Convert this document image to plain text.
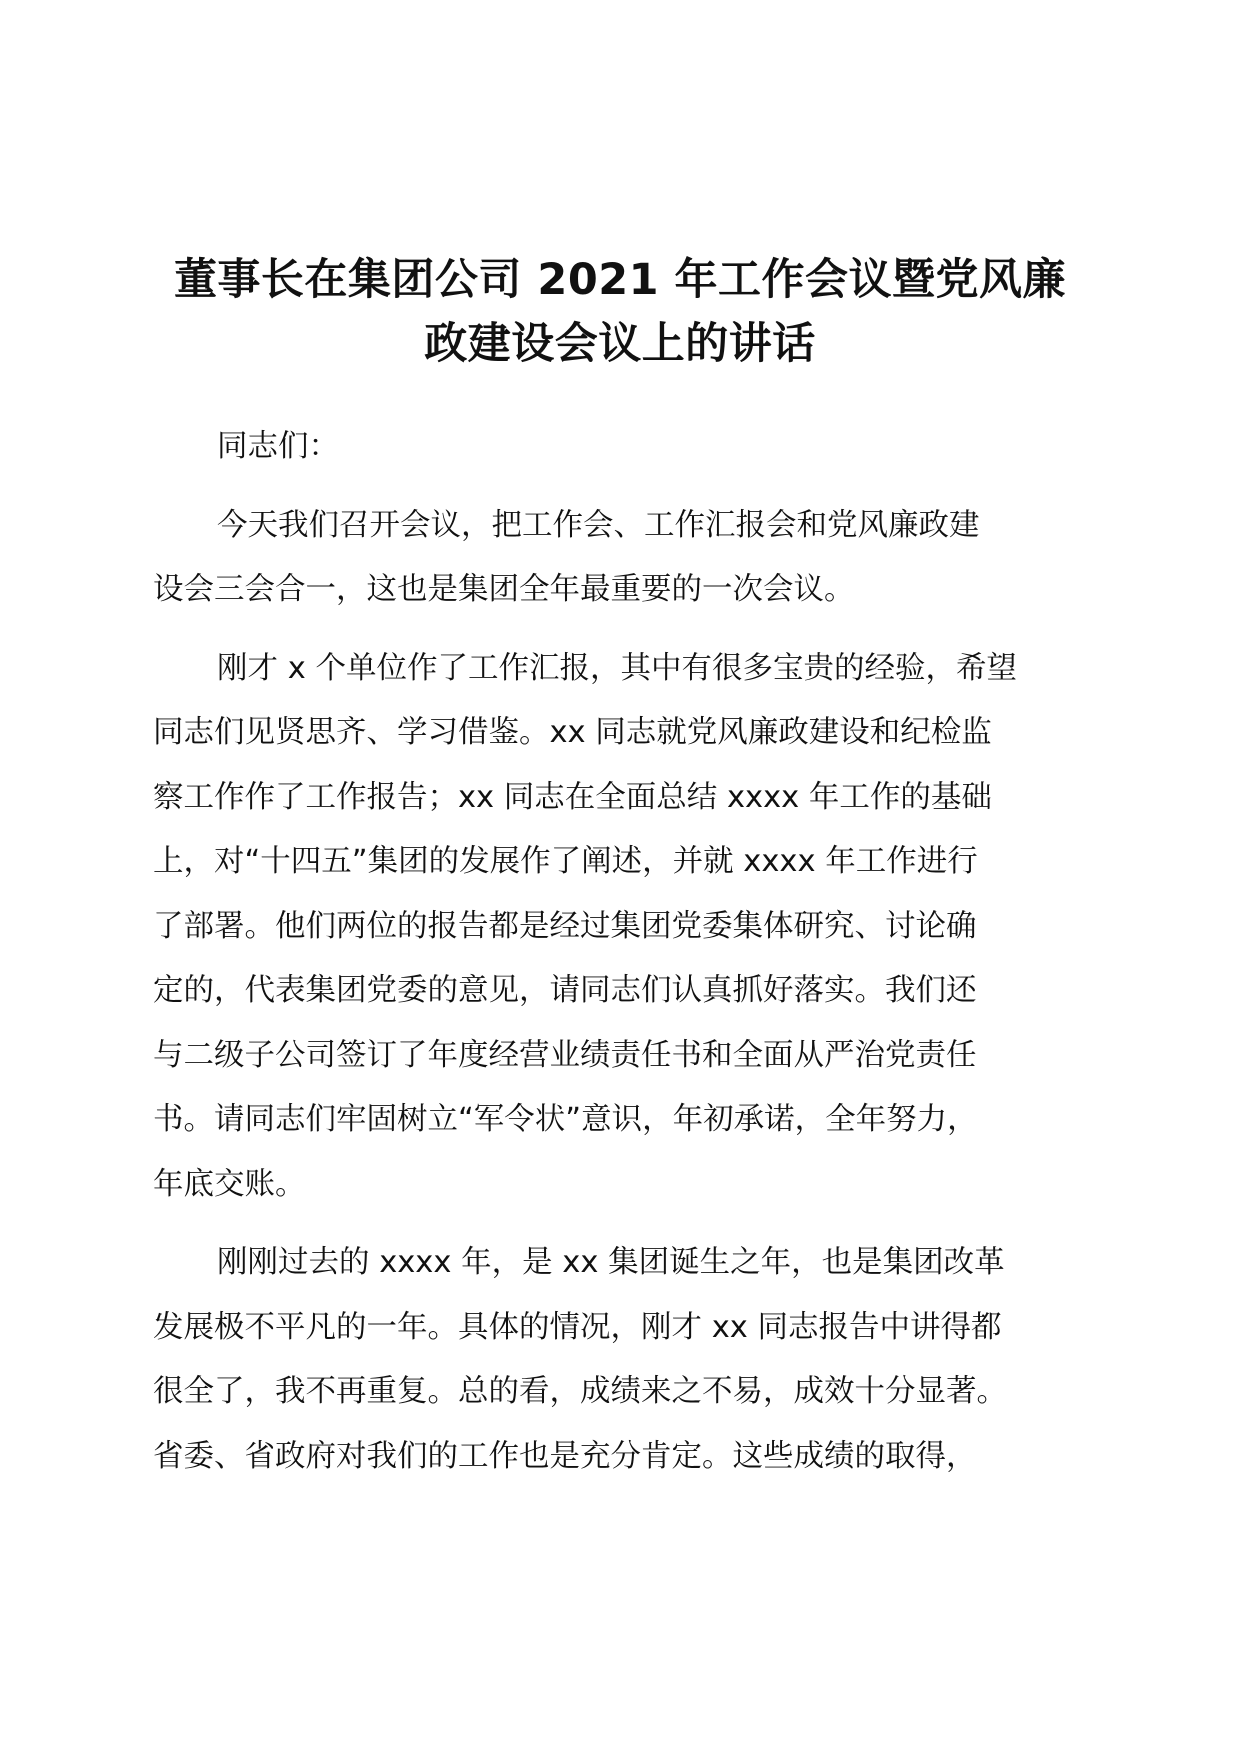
董事长在集团公司 2021 年工作会议暨党风廉
政建设会议上的讲话
同志们：
今天我们召开会议，把工作会、工作汇报会和党风廉政建
设会三会合一，这也是集团全年最重要的一次会议。
刚才 x 个单位作了工作汇报，其中有很多宝贵的经验，希望
同志们见贤思齐、学习借鉴。xx 同志就党风廉政建设和纪检监
察工作作了工作报告；xx 同志在全面总结 xxxx 年工作的基础
上，对“十四五”集团的发展作了阐述，并就 xxxx 年工作进行
了部署。他们两位的报告都是经过集团党委集体研究、讨论确
定的，代表集团党委的意见，请同志们认真抓好落实。我们还
与二级子公司签订了年度经营业绩责任书和全面从严治党责任
书。请同志们牢固树立“军令状”意识，年初承诺，全年努力，
年底交账。
刚刚过去的 xxxx 年，是 xx 集团诞生之年，也是集团改革
发展极不平凡的一年。具体的情况，刚才 xx 同志报告中讲得都
很全了，我不再重复。总的看，成绩来之不易，成效十分显著。
省委、省政府对我们的工作也是充分肯定。这些成绩的取得，
